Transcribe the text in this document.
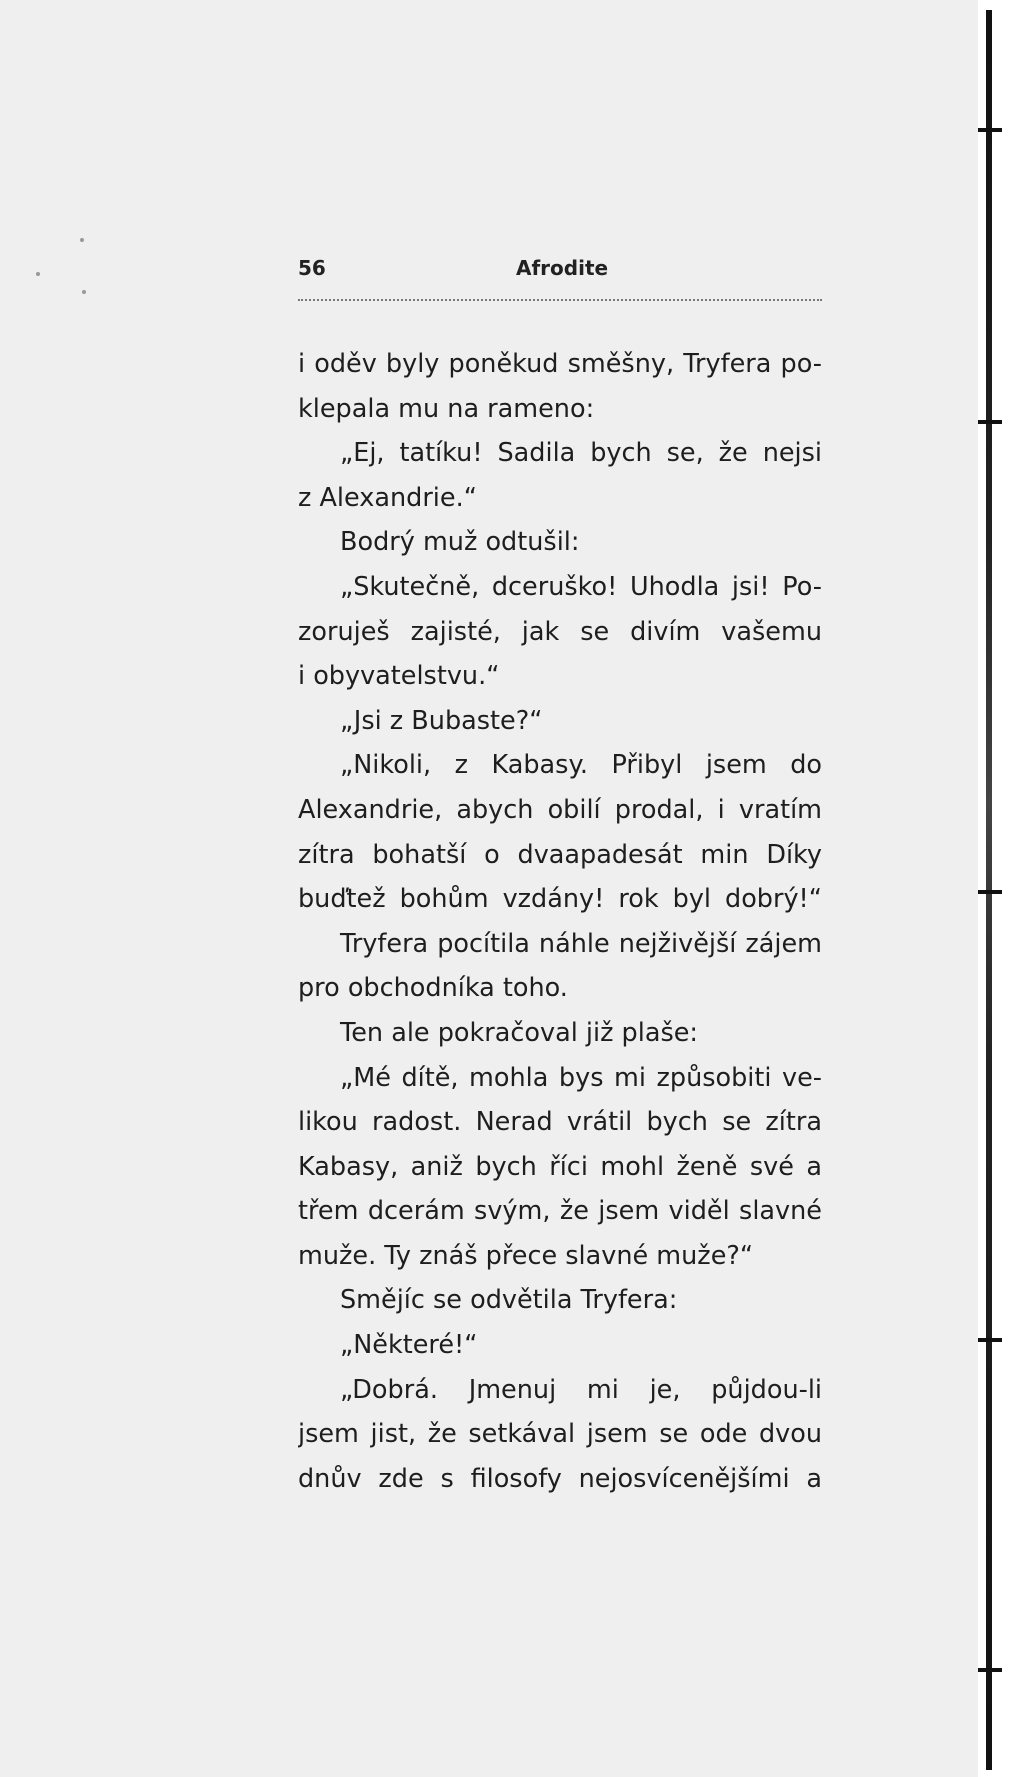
56	Afrodite
i oděv byly poněkud směšny, Tryfera po-
klepala mu na rameno:
„Ej, tatíku! Sadila bych se, že nejsi
z Alexandrie.“
Bodrý muž odtušil:
„Skutečně, dceruško! Uhodla jsi! Po-
zoruješ zajisté, jak se divím vašemu
i obyvatelstvu.“
„Jsi z Bubaste?“
„Nikoli, z Kabasy. Přibyl jsem do
Alexandrie, abych obilí prodal, i vratím
zítra bohatší o dvaapadesát min Díky
buďtež bohům vzdány! rok byl dobrý!“
Tryfera pocítila náhle nejživější zájem
pro obchodníka toho.
Ten ale pokračoval již plaše:
„Mé dítě, mohla bys mi způsobiti ve-
likou radost. Nerad vrátil bych se zítra
Kabasy, aniž bych říci mohl ženě své a
třem dcerám svým, že jsem viděl slavné
muže. Ty znáš přece slavné muže?“
Smějíc se odvětila Tryfera:
„Některé!“
„Dobrá. Jmenuj mi je, půjdou-li
jsem jist, že setkával jsem se ode dvou
dnův zde s filosofy nejosvícenějšími a
